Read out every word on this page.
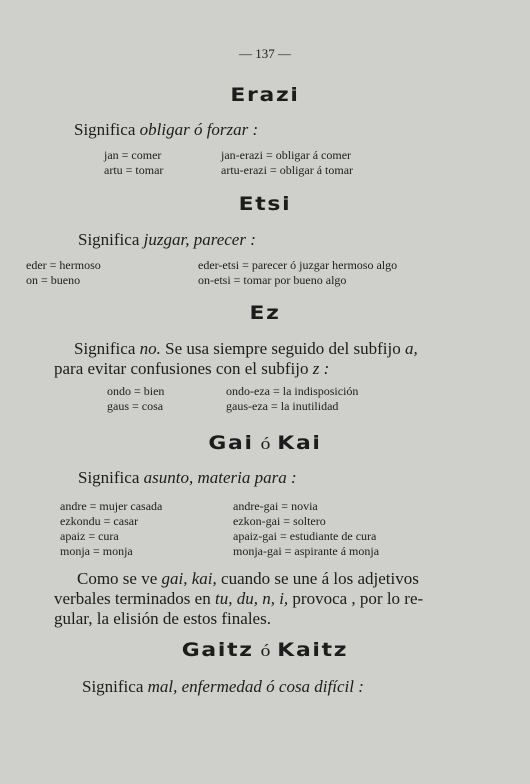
— 137 —
Erazi
Significa obligar ó forzar :
jan = comer
artu = tomar
jan-erazi = obligar á comer
artu-erazi = obligar á tomar
Etsi
Significa juzgar, parecer :
eder = hermoso
on = bueno
eder-etsi = parecer ó juzgar hermoso algo
on-etsi = tomar por bueno algo
Ez
Significa no. Se usa siempre seguido del subfijo a,
para evitar confusiones con el subfijo z :
ondo = bien
gaus = cosa
ondo-eza = la indisposición
gaus-eza = la inutilidad
Gai ó Kai
Significa asunto, materia para :
andre = mujer casada
ezkondu = casar
apaiz = cura
monja = monja
andre-gai = novia
ezkon-gai = soltero
apaiz-gai = estudiante de cura
monja-gai = aspirante á monja
Como se ve gai, kai, cuando se une á los adjetivos
verbales terminados en tu, du, n, i, provoca , por lo re-
gular, la elisión de estos finales.
Gaitz ó Kaitz
Significa mal, enfermedad ó cosa difícil :
